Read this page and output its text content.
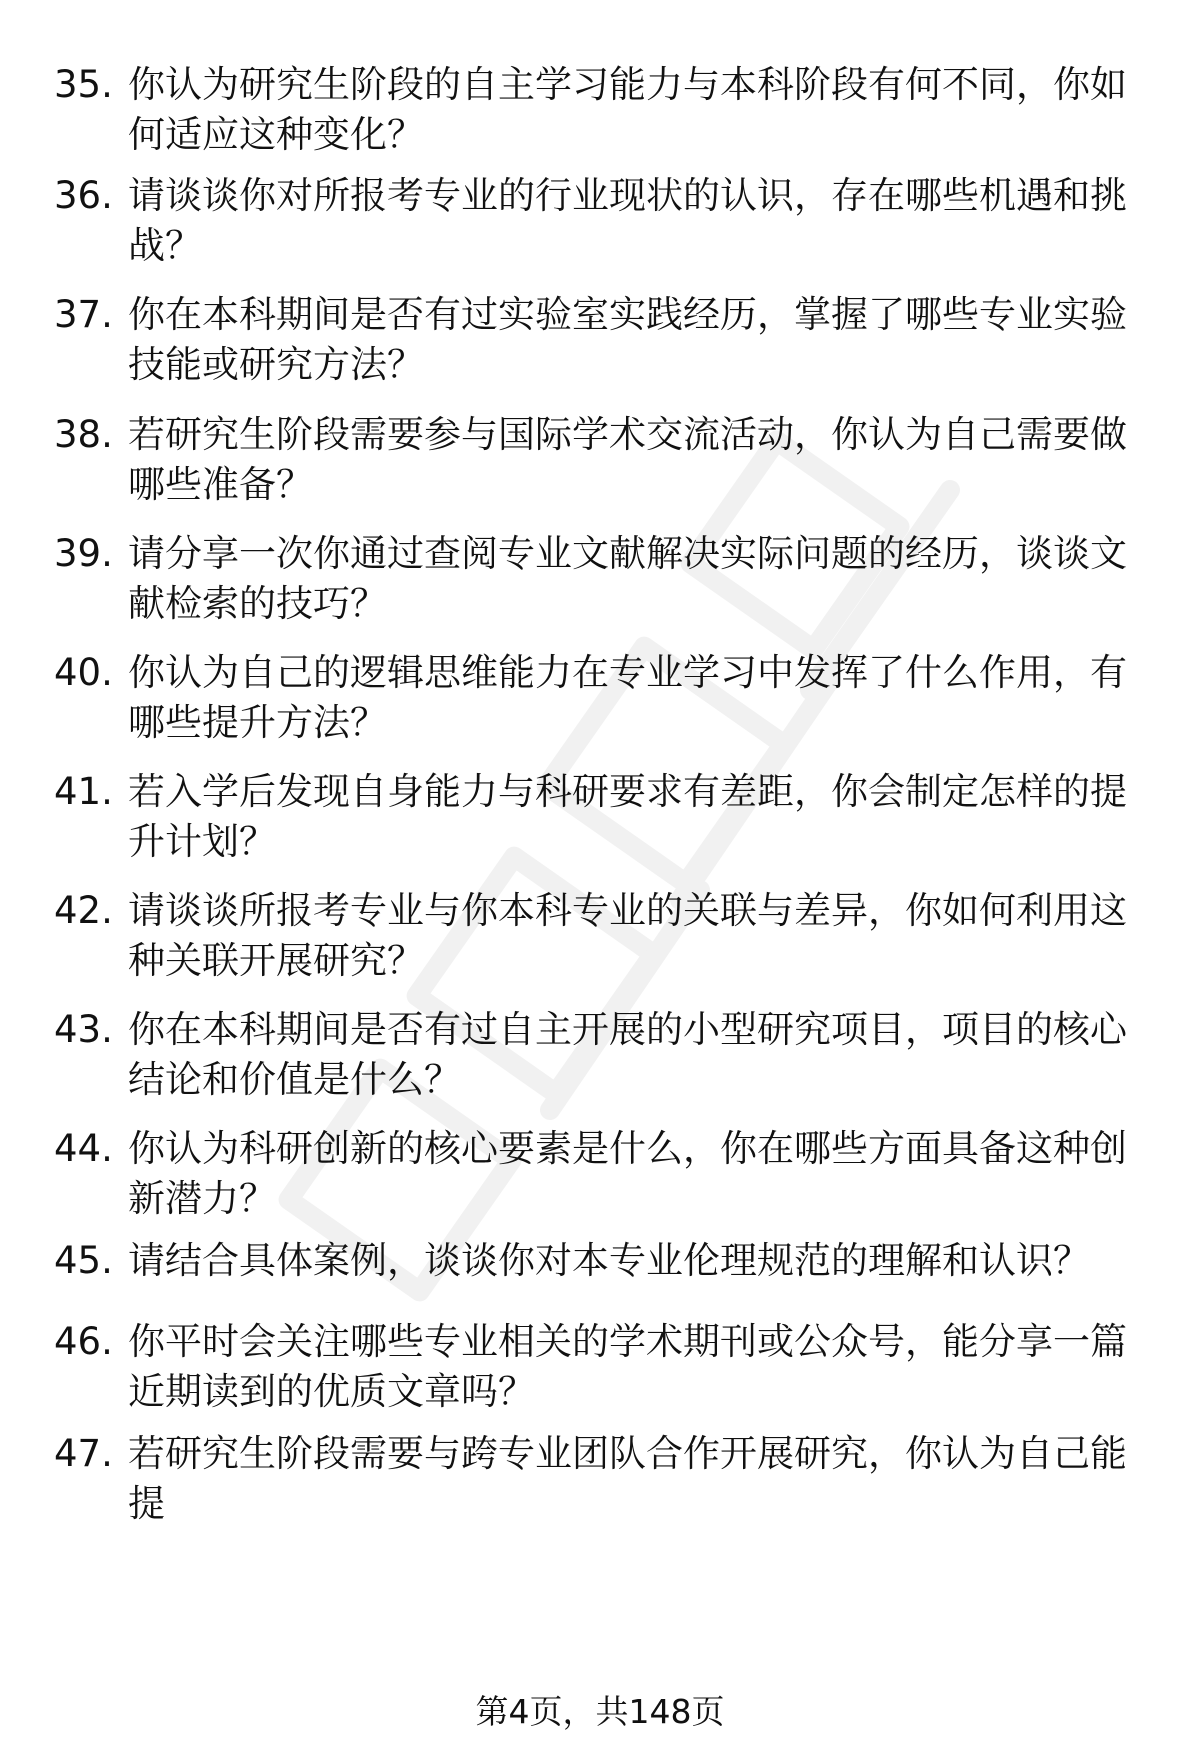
35. 你认为研究生阶段的自主学习能力与本科阶段有何不同，你如何适应这种变化？
36. 请谈谈你对所报考专业的行业现状的认识，存在哪些机遇和挑战？
37. 你在本科期间是否有过实验室实践经历，掌握了哪些专业实验技能或研究方法？
38. 若研究生阶段需要参与国际学术交流活动，你认为自己需要做哪些准备？
39. 请分享一次你通过查阅专业文献解决实际问题的经历，谈谈文献检索的技巧？
40. 你认为自己的逻辑思维能力在专业学习中发挥了什么作用，有哪些提升方法？
41. 若入学后发现自身能力与科研要求有差距，你会制定怎样的提升计划？
42. 请谈谈所报考专业与你本科专业的关联与差异，你如何利用这种关联开展研究？
43. 你在本科期间是否有过自主开展的小型研究项目，项目的核心结论和价值是什么？
44. 你认为科研创新的核心要素是什么，你在哪些方面具备这种创新潜力？
45. 请结合具体案例，谈谈你对本专业伦理规范的理解和认识？
46. 你平时会关注哪些专业相关的学术期刊或公众号，能分享一篇近期读到的优质文章吗？
47. 若研究生阶段需要与跨专业团队合作开展研究，你认为自己能提
第4页，共148页
